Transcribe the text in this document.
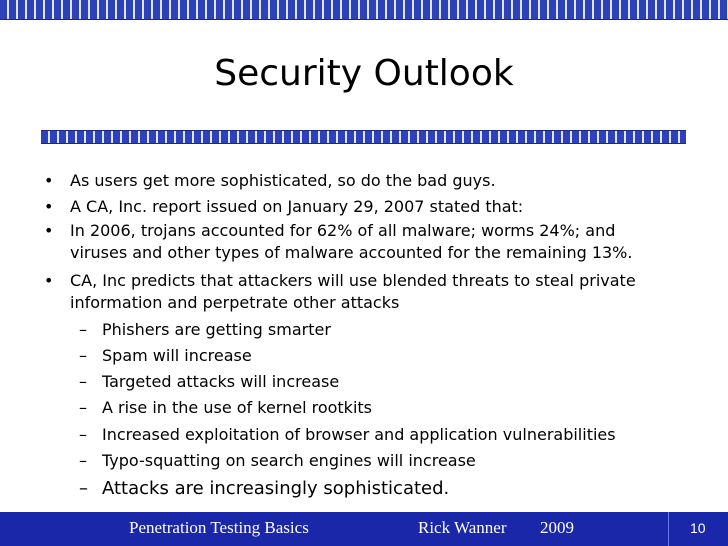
Security Outlook
• As users get more sophisticated, so do the bad guys.
• A CA, Inc. report issued on January 29, 2007 stated that:
• In 2006, trojans accounted for 62% of all malware; worms 24%; and
viruses and other types of malware accounted for the remaining 13%.
• CA, Inc predicts that attackers will use blended threats to steal private
information and perpetrate other attacks
– Phishers are getting smarter
– Spam will increase
– Targeted attacks will increase
– A rise in the use of kernel rootkits
– Increased exploitation of browser and application vulnerabilities
– Typo-squatting on search engines will increase
– Attacks are increasingly sophisticated.
Penetration Testing Basics	Rick Wanner 2009	10
